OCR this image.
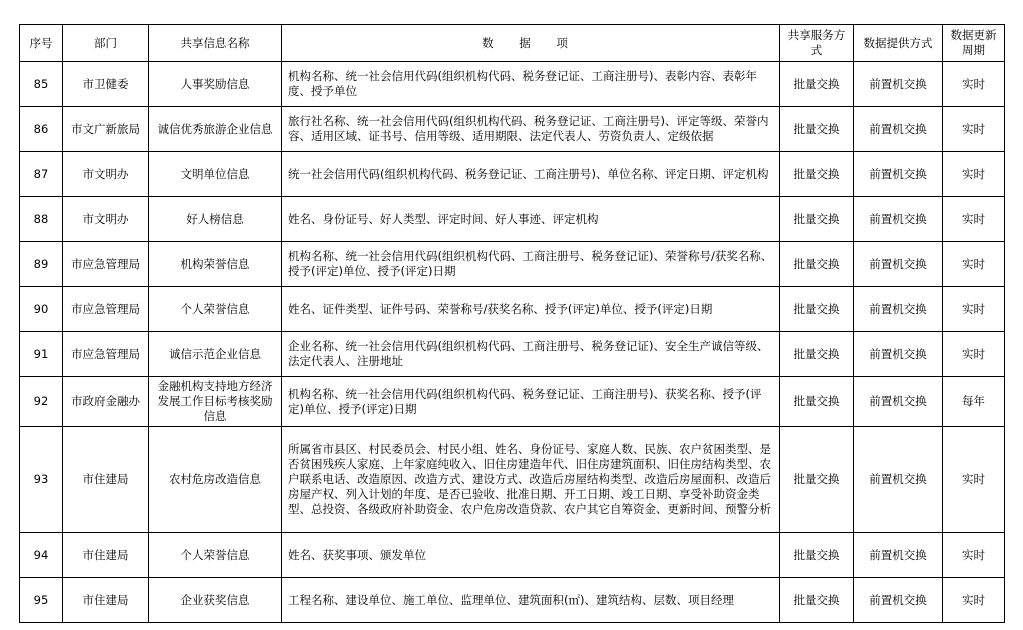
序号	部门	共享信息名称	数 据 项	共享服务方式	数据提供方式	数据更新周期
85	市卫健委	人事奖励信息	机构名称、统一社会信用代码(组织机构代码、税务登记证、工商注册号)、表彰内容、表彰年度、授予单位	批量交换	前置机交换	实时
86	市文广新旅局	诚信优秀旅游企业信息	旅行社名称、统一社会信用代码(组织机构代码、税务登记证、工商注册号)、评定等级、荣誉内容、适用区域、证书号、信用等级、适用期限、法定代表人、劳资负责人、定级依据	批量交换	前置机交换	实时
87	市文明办	文明单位信息	统一社会信用代码(组织机构代码、税务登记证、工商注册号)、单位名称、评定日期、评定机构	批量交换	前置机交换	实时
88	市文明办	好人榜信息	姓名、身份证号、好人类型、评定时间、好人事迹、评定机构	批量交换	前置机交换	实时
89	市应急管理局	机构荣誉信息	机构名称、统一社会信用代码(组织机构代码、工商注册号、税务登记证)、荣誉称号/获奖名称、授予(评定)单位、授予(评定)日期	批量交换	前置机交换	实时
90	市应急管理局	个人荣誉信息	姓名、证件类型、证件号码、荣誉称号/获奖名称、授予(评定)单位、授予(评定)日期	批量交换	前置机交换	实时
91	市应急管理局	诚信示范企业信息	企业名称、统一社会信用代码(组织机构代码、工商注册号、税务登记证)、安全生产诚信等级、法定代表人、注册地址	批量交换	前置机交换	实时
92	市政府金融办	金融机构支持地方经济发展工作目标考核奖励信息	机构名称、统一社会信用代码(组织机构代码、税务登记证、工商注册号)、获奖名称、授予(评定)单位、授予(评定)日期	批量交换	前置机交换	每年
93	市住建局	农村危房改造信息	所属省市县区、村民委员会、村民小组、姓名、身份证号、家庭人数、民族、农户贫困类型、是否贫困残疾人家庭、上年家庭纯收入、旧住房建造年代、旧住房建筑面积、旧住房结构类型、农户联系电话、改造原因、改造方式、建设方式、改造后房屋结构类型、改造后房屋面积、改造后房屋产权、列入计划的年度、是否已验收、批准日期、开工日期、竣工日期、享受补助资金类型、总投资、各级政府补助资金、农户危房改造贷款、农户其它自筹资金、更新时间、预警分析	批量交换	前置机交换	实时
94	市住建局	个人荣誉信息	姓名、获奖事项、颁发单位	批量交换	前置机交换	实时
95	市住建局	企业获奖信息	工程名称、建设单位、施工单位、监理单位、建筑面积(㎡)、建筑结构、层数、项目经理	批量交换	前置机交换	实时
